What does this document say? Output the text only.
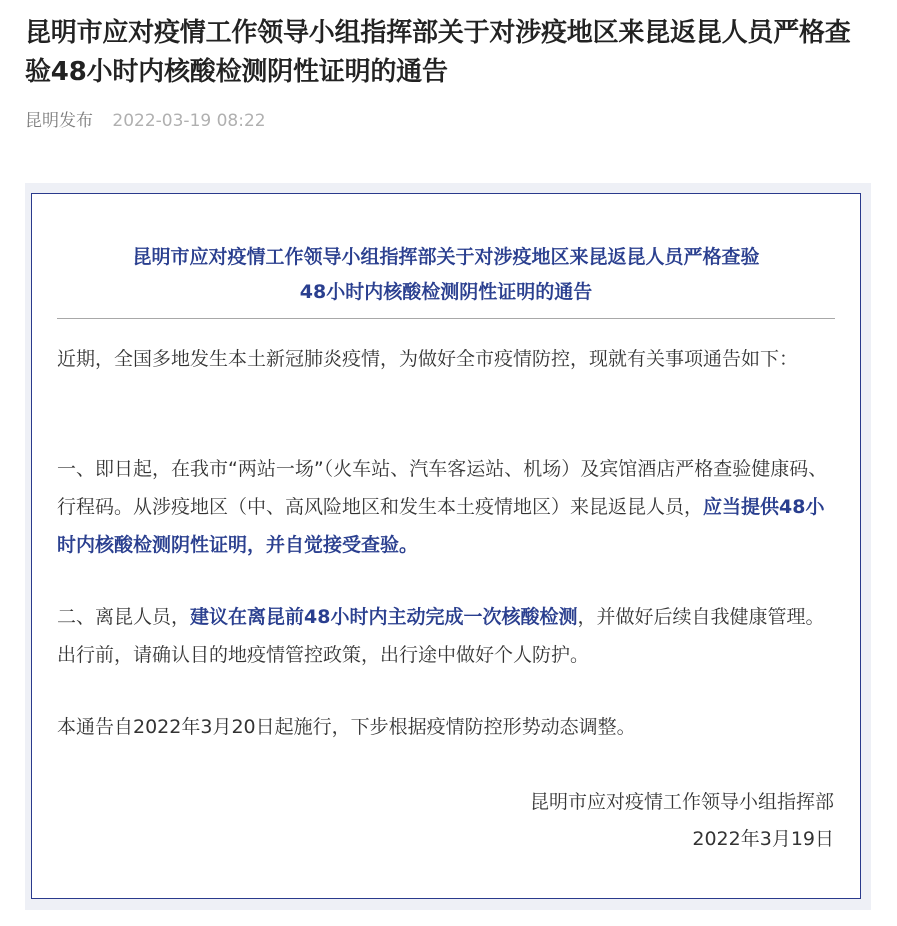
昆明市应对疫情工作领导小组指挥部关于对涉疫地区来昆返昆人员严格查验48小时内核酸检测阴性证明的通告
昆明发布 2022-03-19 08:22
昆明市应对疫情工作领导小组指挥部关于对涉疫地区来昆返昆人员严格查验
48小时内核酸检测阴性证明的通告

近期，全国多地发生本土新冠肺炎疫情，为做好全市疫情防控，现就有关事项通告如下：

一、即日起，在我市“两站一场”（火车站、汽车客运站、机场）及宾馆酒店严格查验健康码、行程码。从涉疫地区（中、高风险地区和发生本土疫情地区）来昆返昆人员，应当提供48小时内核酸检测阴性证明，并自觉接受查验。

二、离昆人员，建议在离昆前48小时内主动完成一次核酸检测，并做好后续自我健康管理。出行前，请确认目的地疫情管控政策，出行途中做好个人防护。

本通告自2022年3月20日起施行，下步根据疫情防控形势动态调整。

昆明市应对疫情工作领导小组指挥部
2022年3月19日
